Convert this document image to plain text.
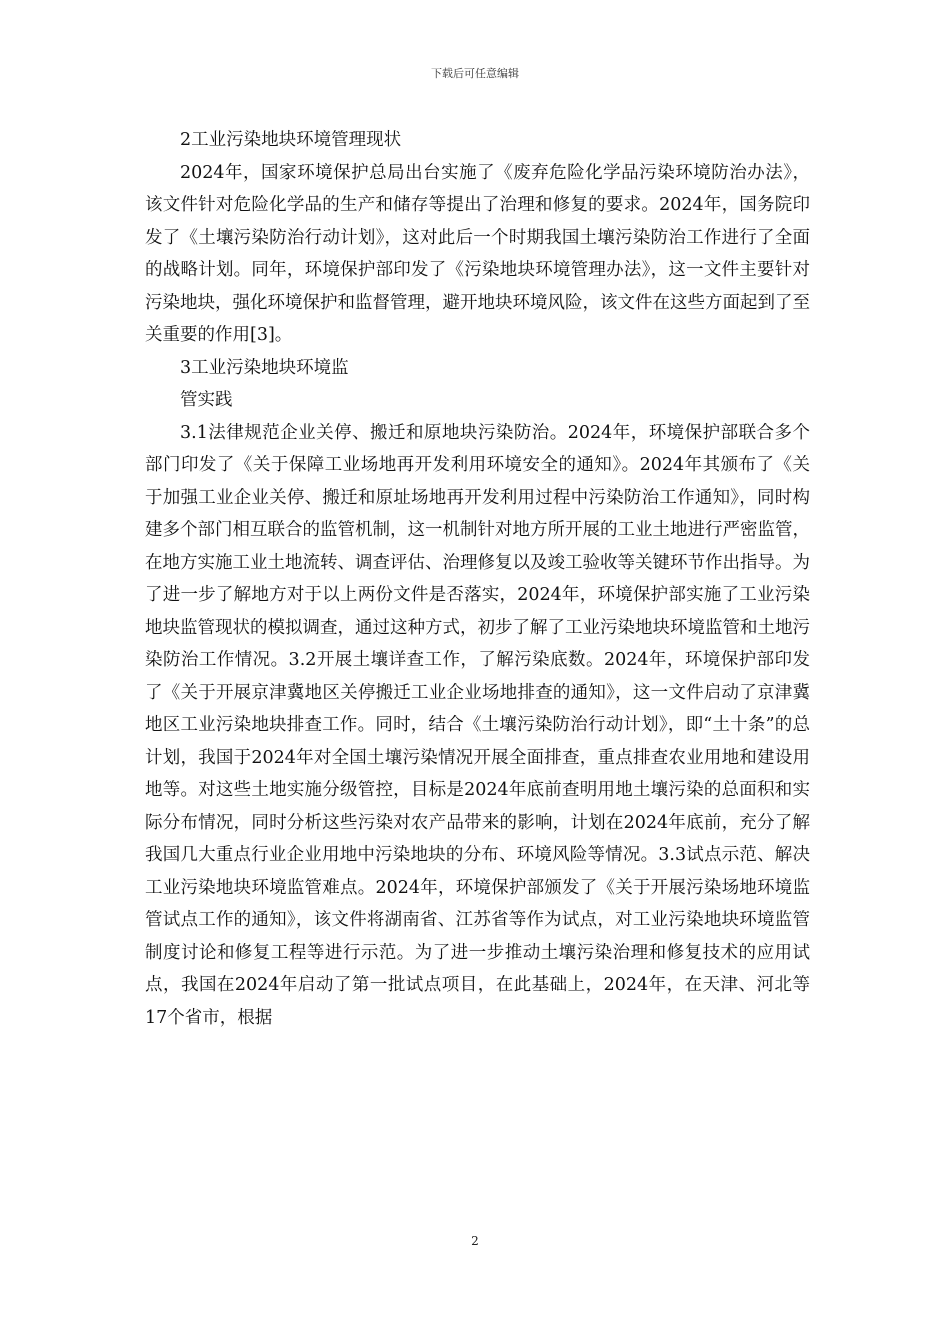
下载后可任意编辑

2工业污染地块环境管理现状

2024年，国家环境保护总局出台实施了《废弃危险化学品污染环境防治办法》，该文件针对危险化学品的生产和储存等提出了治理和修复的要求。2024年，国务院印发了《土壤污染防治行动计划》，这对此后一个时期我国土壤污染防治工作进行了全面的战略计划。同年，环境保护部印发了《污染地块环境管理办法》，这一文件主要针对污染地块，强化环境保护和监督管理，避开地块环境风险，该文件在这些方面起到了至关重要的作用[3]。

3工业污染地块环境监

管实践

3.1法律规范企业关停、搬迁和原地块污染防治。2024年，环境保护部联合多个部门印发了《关于保障工业场地再开发利用环境安全的通知》。2024年其颁布了《关于加强工业企业关停、搬迁和原址场地再开发利用过程中污染防治工作通知》，同时构建多个部门相互联合的监管机制，这一机制针对地方所开展的工业土地进行严密监管，在地方实施工业土地流转、调查评估、治理修复以及竣工验收等关键环节作出指导。为了进一步了解地方对于以上两份文件是否落实，2024年，环境保护部实施了工业污染地块监管现状的模拟调查，通过这种方式，初步了解了工业污染地块环境监管和土地污染防治工作情况。3.2开展土壤详查工作，了解污染底数。2024年，环境保护部印发了《关于开展京津冀地区关停搬迁工业企业场地排查的通知》，这一文件启动了京津冀地区工业污染地块排查工作。同时，结合《土壤污染防治行动计划》，即“土十条”的总计划，我国于2024年对全国土壤污染情况开展全面排查，重点排查农业用地和建设用地等。对这些土地实施分级管控，目标是2024年底前查明用地土壤污染的总面积和实际分布情况，同时分析这些污染对农产品带来的影响，计划在2024年底前，充分了解我国几大重点行业企业用地中污染地块的分布、环境风险等情况。3.3试点示范、解决工业污染地块环境监管难点。2024年，环境保护部颁发了《关于开展污染场地环境监管试点工作的通知》，该文件将湖南省、江苏省等作为试点，对工业污染地块环境监管制度讨论和修复工程等进行示范。为了进一步推动土壤污染治理和修复技术的应用试点，我国在2024年启动了第一批试点项目，在此基础上，2024年，在天津、河北等17个省市，根据

2
